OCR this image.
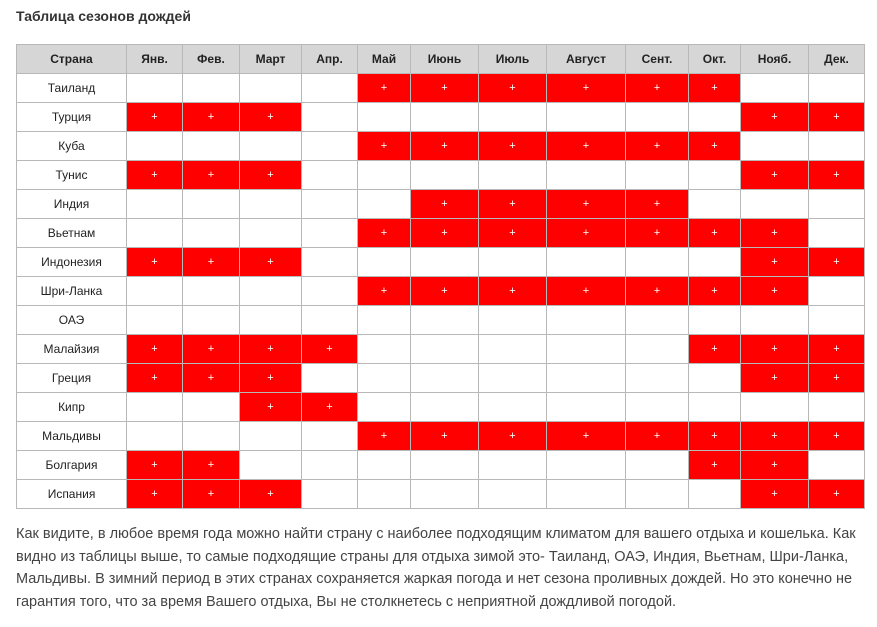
Таблица сезонов дождей
Страна	Янв.	Фев.	Март	Апр.	Май	Июнь	Июль	Август	Сент.	Окт.	Нояб.	Дек.
Таиланд					+	+	+	+	+	+		
Турция	+	+	+								+	+
Куба					+	+	+	+	+	+		
Тунис	+	+	+								+	+
Индия						+	+	+	+			
Вьетнам					+	+	+	+	+	+	+	
Индонезия	+	+	+								+	+
Шри-Ланка					+	+	+	+	+	+	+	
ОАЭ												
Малайзия	+	+	+	+						+	+	+
Греция	+	+	+								+	+
Кипр			+	+								
Мальдивы					+	+	+	+	+	+	+	+
Болгария	+	+								+	+	
Испания	+	+	+								+	+
Как видите, в любое время года можно найти страну с наиболее подходящим климатом для вашего отдыха и кошелька. Как видно из таблицы выше, то самые подходящие страны для отдыха зимой это- Таиланд, ОАЭ, Индия, Вьетнам, Шри-Ланка, Мальдивы. В зимний период в этих странах сохраняется жаркая погода и нет сезона проливных дождей. Но это конечно не гарантия того, что за время Вашего отдыха, Вы не столкнетесь с неприятной дождливой погодой.
